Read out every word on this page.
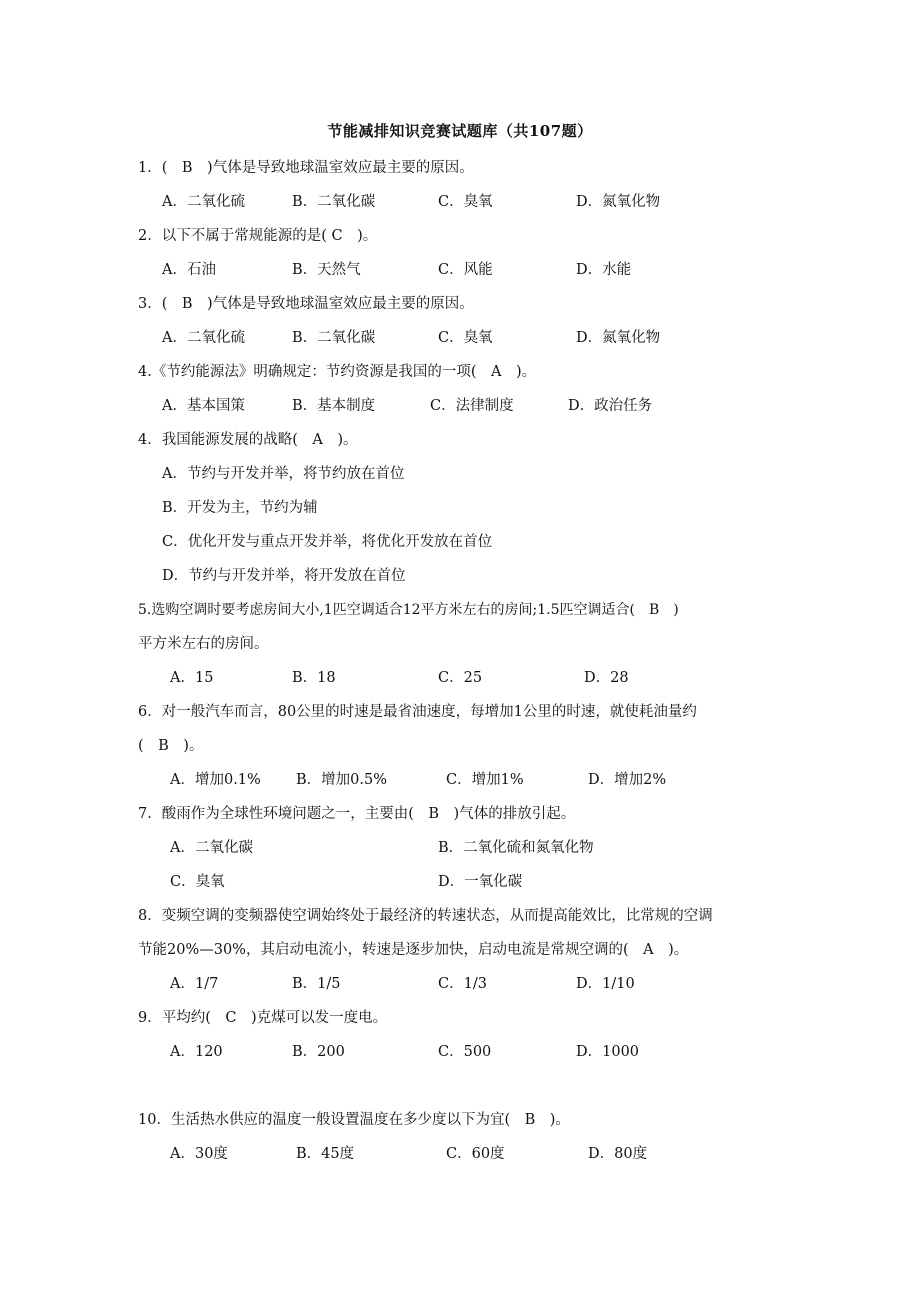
节能减排知识竞赛试题库（共107题）
1．(　B　)气体是导致地球温室效应最主要的原因。
A．二氧化硫	B．二氧化碳	C．臭氧	D．氮氧化物
2．以下不属于常规能源的是( C　)。
A．石油	B．天然气	C．风能	D．水能
3．(　B　)气体是导致地球温室效应最主要的原因。
A．二氧化硫	B．二氧化碳	C．臭氧	D．氮氧化物
4.《节约能源法》明确规定：节约资源是我国的一项(　A　)。
A．基本国策	B．基本制度	C．法律制度	D．政治任务
4．我国能源发展的战略(　A　)。
A．节约与开发并举，将节约放在首位
B．开发为主，节约为辅
C．优化开发与重点开发并举，将优化开发放在首位
D．节约与开发并举，将开发放在首位
5.选购空调时要考虑房间大小,1匹空调适合12平方米左右的房间;1.5匹空调适合(　B　)
平方米左右的房间。
A．15	B．18	C．25	D．28
6．对一般汽车而言，80公里的时速是最省油速度，每增加1公里的时速，就使耗油量约
(　B　)。
A．增加0.1% B．增加0.5%	C．增加1%	D．增加2%
7．酸雨作为全球性环境问题之一，主要由(　B　)气体的排放引起。
A．二氧化碳	B．二氧化硫和氮氧化物
C．臭氧	D．一氧化碳
8．变频空调的变频器使空调始终处于最经济的转速状态，从而提高能效比，比常规的空调
节能20%—30%，其启动电流小，转速是逐步加快，启动电流是常规空调的(　A　)。
A．1/7	B．1/5	C．1/3	D．1/10
9．平均约(　C　)克煤可以发一度电。
A．120	B．200	C．500	D．1000
10．生活热水供应的温度一般设置温度在多少度以下为宜(　B　)。
A．30度	B．45度	C．60度	D．80度
